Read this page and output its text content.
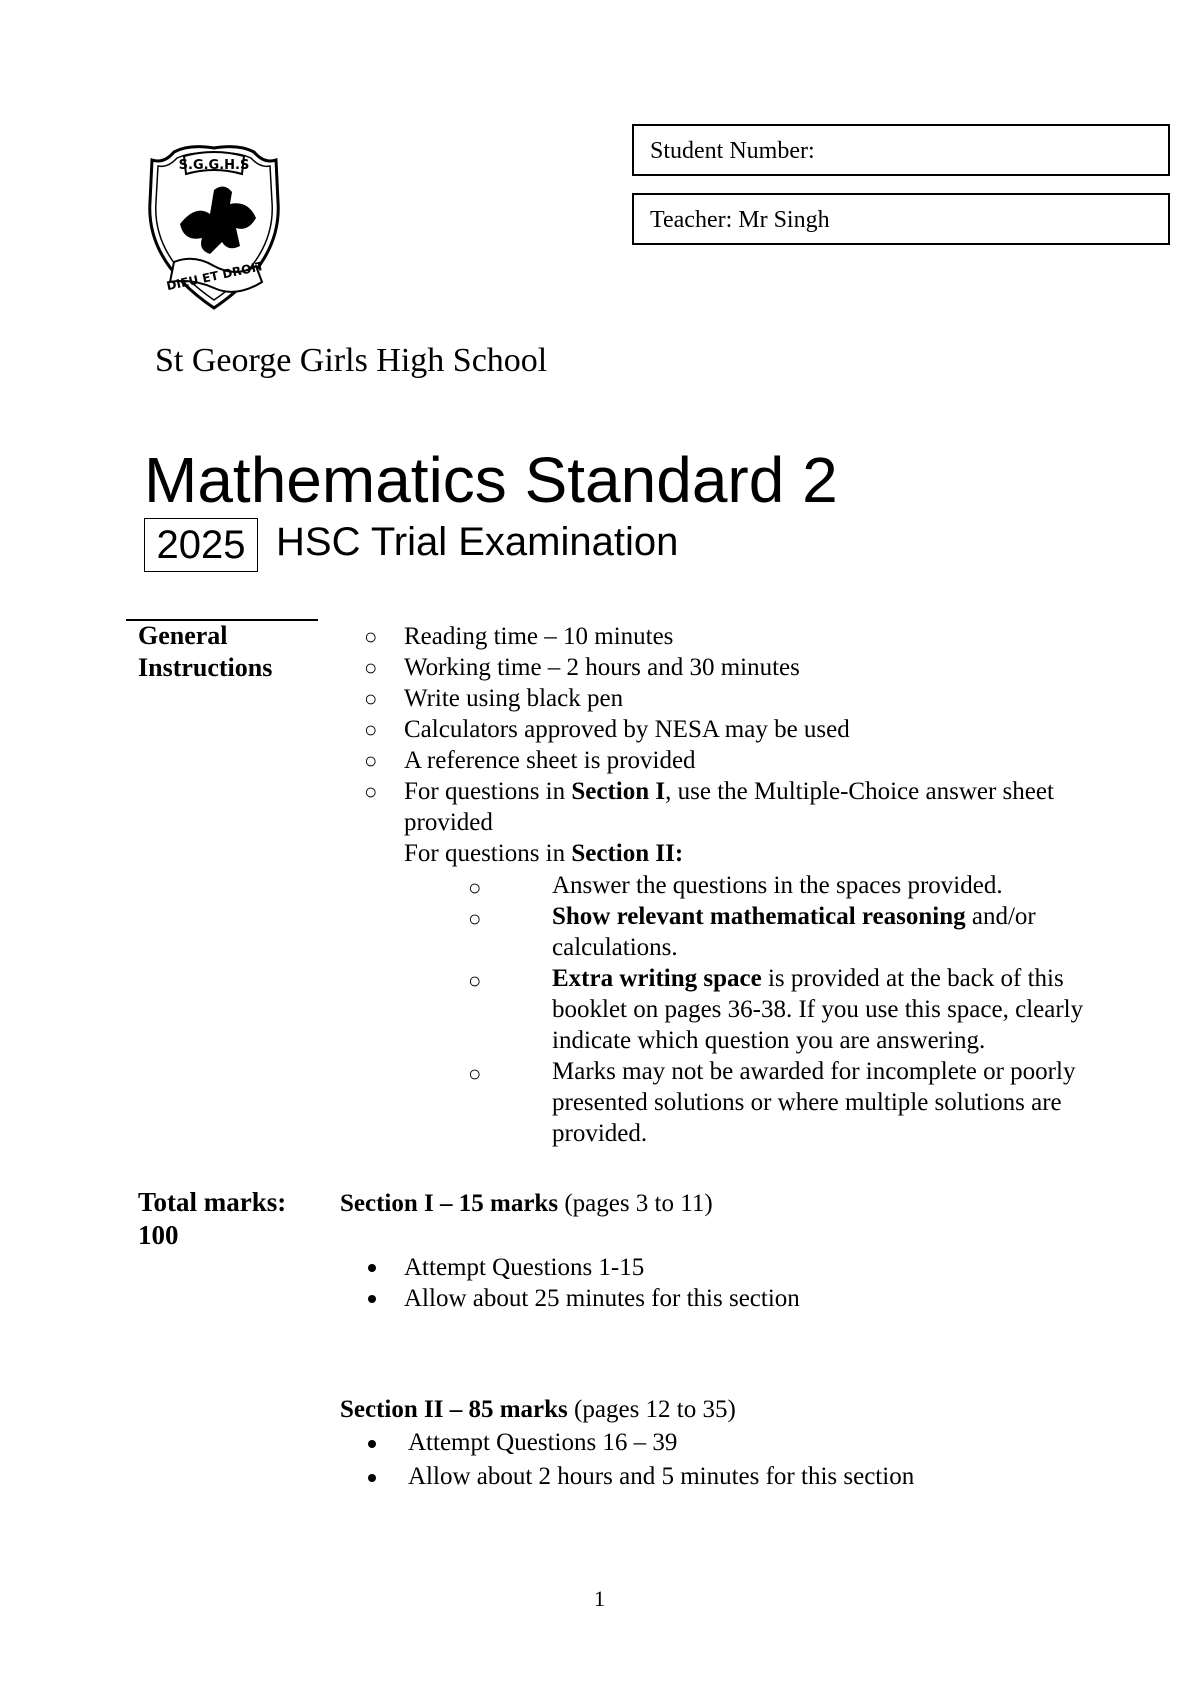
S.G.G.H.S
DIEU ET DROIT
Student Number:
Teacher: Mr Singh
St George Girls High School
Mathematics Standard 2
2025 HSC Trial Examination
General
Instructions
○ Reading time – 10 minutes
○ Working time – 2 hours and 30 minutes
○ Write using black pen
○ Calculators approved by NESA may be used
○ A reference sheet is provided
○ For questions in Section I, use the Multiple-Choice answer sheet provided
For questions in Section II:
○	Answer the questions in the spaces provided.
○	Show relevant mathematical reasoning and/or calculations.
○	Extra writing space is provided at the back of this booklet on pages 36-38. If you use this space, clearly indicate which question you are answering.
○	Marks may not be awarded for incomplete or poorly presented solutions or where multiple solutions are provided.
Total marks:
100
Section I – 15 marks (pages 3 to 11)
Attempt Questions 1-15
Allow about 25 minutes for this section
Section II – 85 marks (pages 12 to 35)
Attempt Questions 16 – 39
Allow about 2 hours and 5 minutes for this section
1
